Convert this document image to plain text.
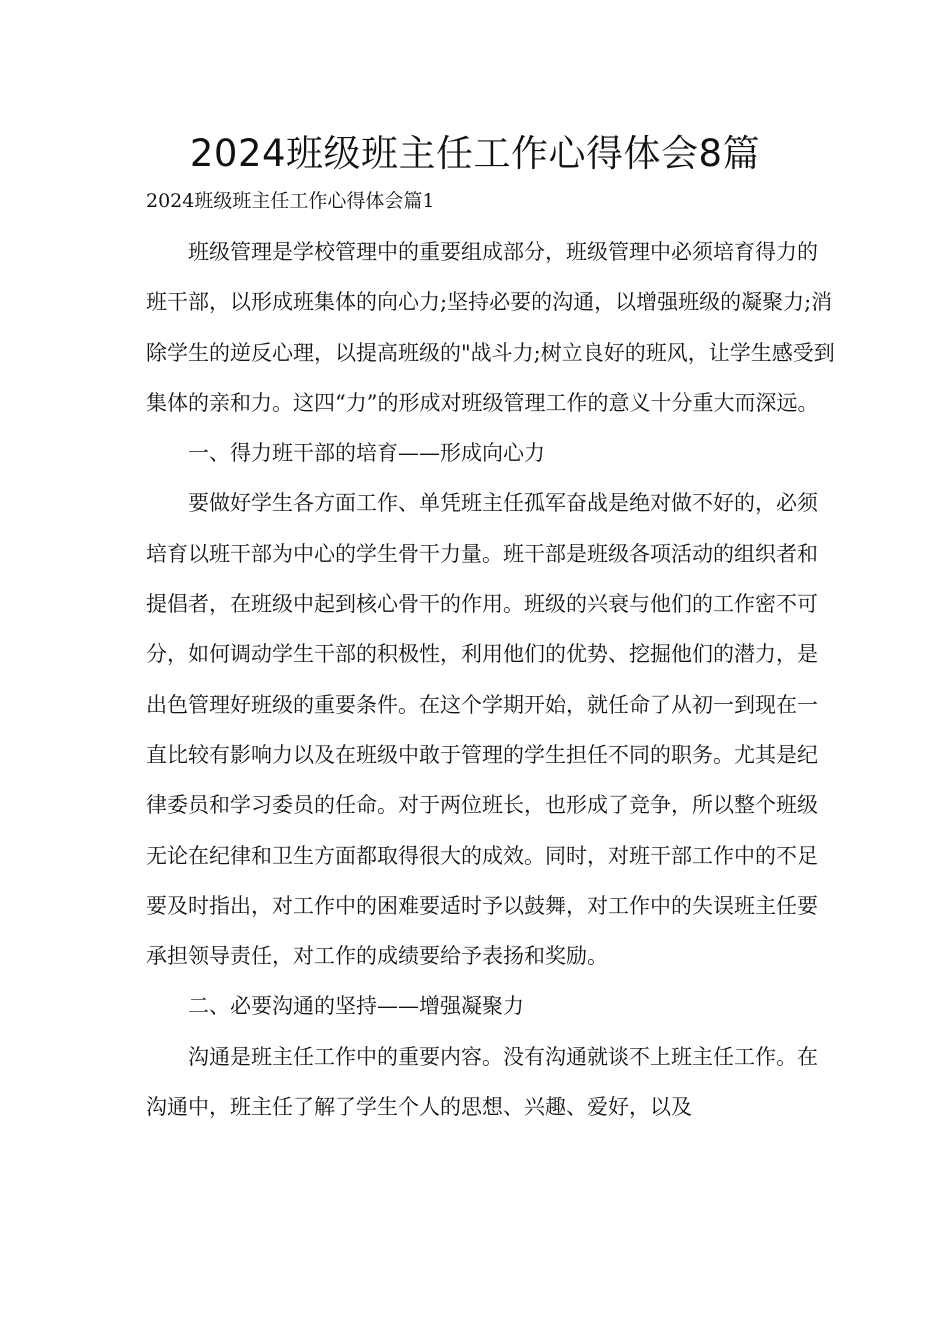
2024班级班主任工作心得体会8篇
2024班级班主任工作心得体会篇1

班级管理是学校管理中的重要组成部分，班级管理中必须培育得力的班干部，以形成班集体的向心力;坚持必要的沟通，以增强班级的凝聚力;消除学生的逆反心理，以提高班级的"战斗力;树立良好的班风，让学生感受到集体的亲和力。这四“力”的形成对班级管理工作的意义十分重大而深远。

一、得力班干部的培育——形成向心力

要做好学生各方面工作、单凭班主任孤军奋战是绝对做不好的，必须培育以班干部为中心的学生骨干力量。班干部是班级各项活动的组织者和提倡者，在班级中起到核心骨干的作用。班级的兴衰与他们的工作密不可分，如何调动学生干部的积极性，利用他们的优势、挖掘他们的潜力，是出色管理好班级的重要条件。在这个学期开始，就任命了从初一到现在一直比较有影响力以及在班级中敢于管理的学生担任不同的职务。尤其是纪律委员和学习委员的任命。对于两位班长，也形成了竞争，所以整个班级无论在纪律和卫生方面都取得很大的成效。同时，对班干部工作中的不足要及时指出，对工作中的困难要适时予以鼓舞，对工作中的失误班主任要承担领导责任，对工作的成绩要给予表扬和奖励。

二、必要沟通的坚持——增强凝聚力

沟通是班主任工作中的重要内容。没有沟通就谈不上班主任工作。在沟通中，班主任了解了学生个人的思想、兴趣、爱好，以及
